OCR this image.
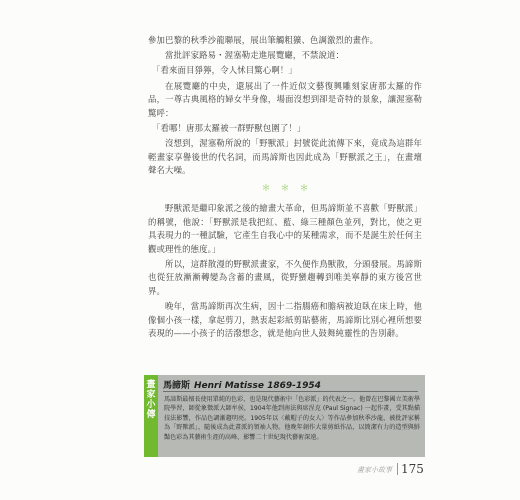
參加巴黎的秋季沙龍聯展，展出筆觸粗獷、色調激烈的畫作。

當批評家路易・渥塞勒走進展覽廳，不禁說道：

「看來面目猙獰，令人怵目驚心啊！」

在展覽廳的中央，還展出了一件近似文藝復興雕刻家唐那太羅的作品，一尊古典風格的婦女半身像，場面沒想到卻是奇特的景象，讓渥塞勒驚呼：

「看哪！唐那太羅被一群野獸包圍了！」

沒想到，渥塞勒所說的「野獸派」封號從此流傳下來，竟成為這群年輕畫家享譽後世的代名詞，而馬諦斯也因此成為「野獸派之王」，在畫壇聲名大噪。

＊＊＊

野獸派是繼印象派之後的繪畫大革命，但馬諦斯並不喜歡「野獸派」的稱號，他說：「野獸派是我把紅、藍、綠三種顏色並列，對比，使之更具表現力的一種試驗，它產生自我心中的某種需求，而不是誕生於任何主觀或理性的態度。」

所以，這群散漫的野獸派畫家，不久便作鳥獸散，分頭發展。馬諦斯也從狂放漸漸轉變為含蓄的畫風，從野蠻趨轉到唯美寧靜的東方後宮世界。

晚年，當馬諦斯再次生病，因十二指腸癌和膽病被迫臥在床上時，他像個小孩一樣，拿起剪刀，熱衷起彩紙剪貼藝術，馬諦斯比別心裡所想要表現的——小孩子的活潑想念，就是他向世人鼓舞純靈性的告別辭。

畫家小傳
馬諦斯 Henri Matisse 1869-1954
馬諦斯最擅長使用單純的色彩，也是現代藝術中「色彩派」的代表之一。他曾在巴黎國立美術學院學習，師從象徵派大師牟侯，1904年他到南法與席涅克 (Paul Signac) 一起作畫，受其點描技法影響，作品色調漸趨明亮。1905年以〈戴帽子的女人〉等作品參加秋季沙龍，被批評家稱為「野獸派」，隨後成為此畫派的領袖人物。他晚年創作大量剪紙作品，以簡潔有力的造型與鮮豔色彩為其藝術生涯的高峰，影響二十世紀現代藝術深遠。
畫家小故事 175
